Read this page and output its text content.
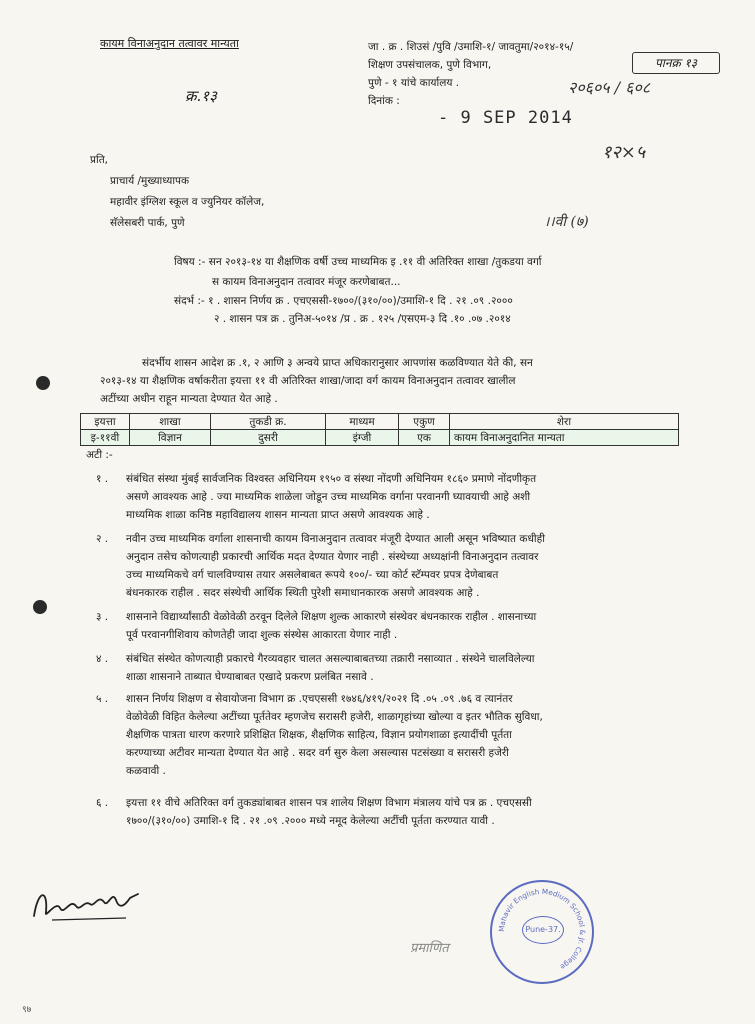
कायम विनाअनुदान तत्वावर मान्यता
क्र.१३
जा . क्र . शिउसं /पुवि /उमाशि-१/ जावतुमा/२०१४-१५/
शिक्षण उपसंचालक, पुणे विभाग,
पुणे - १ यांचे कार्यालय .
दिनांक :
- 9 SEP 2014
पानक्र १३
२०६०५ / ६०८
१२×५
।।वी (७)
प्रति,
प्राचार्य /मुख्याध्यापक
महावीर इंग्लिश स्कूल व ज्युनियर कॉलेज,
सॅलेसबरी पार्क, पुणे
विषय :- सन २०१३-१४ या शैक्षणिक वर्षी उच्च माध्यमिक इ .११ वी अतिरिक्त शाखा /तुकडया वर्गा
स कायम विनाअनुदान तत्वावर मंजूर करणेबाबत...
संदर्भ :- १ . शासन निर्णय क्र . एचएससी-१७००/(३१०/००)/उमाशि-१ दि . २१ .०९ .२०००
२ . शासन पत्र क्र . तुनिअ-५०१४ /प्र . क्र . १२५ /एसएम-३ दि .१० .०७ .२०१४
संदर्भीय शासन आदेश क्र .१, २ आणि ३ अन्वये प्राप्त अधिकारानुसार आपणांस कळविण्यात येते की, सन
२०१३-१४ या शैक्षणिक वर्षाकरीता इयत्ता ११ वी अतिरिक्त शाखा/जादा वर्ग कायम विनाअनुदान तत्वावर खालील
अटींच्या अधीन राहून मान्यता देण्यात येत आहे .
इयत्ता	शाखा	तुकडी क्र.	माध्यम	एकुण	शेरा
इ-११वी	विज्ञान	दुसरी	इंग्जी	एक	कायम विनाअनुदानित मान्यता
अटी :-
१ . संबंधित संस्था मुंबई सार्वजनिक विश्वस्त अधिनियम १९५० व संस्था नोंदणी अधिनियम १८६० प्रमाणे नोंदणीकृत
असणे आवश्यक आहे . ज्या माध्यमिक शाळेला जोडून उच्च माध्यमिक वर्गाना परवानगी घ्यावयाची आहे अशी
माध्यमिक शाळा कनिष्ठ महाविद्यालय शासन मान्यता प्राप्त असणे आवश्यक आहे .
२ . नवीन उच्च माध्यमिक वर्गाला शासनाची कायम विनाअनुदान तत्वावर मंजूरी देण्यात आली असून भविष्यात कधीही
अनुदान तसेच कोणत्याही प्रकारची आर्थिक मदत देण्यात येणार नाही . संस्थेच्या अध्यक्षांनी विनाअनुदान तत्वावर
उच्च माध्यमिकचे वर्ग चालविण्यास तयार असलेबाबत रूपये १००/- च्या कोर्ट स्टॅम्पवर प्रपत्र देणेबाबत
बंधनकारक राहील . सदर संस्थेची आर्थिक स्थिती पुरेशी समाधानकारक असणे आवश्यक आहे .
३ . शासनाने विद्यार्थ्यांसाठी वेळोवेळी ठरवून दिलेले शिक्षण शुल्क आकारणे संस्थेवर बंधनकारक राहील . शासनाच्या
पूर्व परवानगीशिवाय कोणतेही जादा शुल्क संस्थेस आकारता येणार नाही .
४ . संबंधित संस्थेत कोणत्याही प्रकारचे गैरव्यवहार चालत असल्याबाबतच्या तक्रारी नसाव्यात . संस्थेने चालविलेल्या
शाळा शासनाने ताब्यात घेण्याबाबत एखादे प्रकरण प्रलंबित नसावे .
५ . शासन निर्णय शिक्षण व सेवायोजना विभाग क्र .एचएससी १७४६/४१९/२०२१ दि .०५ .०९ .७६ व त्यानंतर
वेळोवेळी विहित केलेल्या अटींच्या पूर्ततेवर म्हणजेच सरासरी हजेरी, शाळागृहांच्या खोल्या व इतर भौतिक सुविधा,
शैक्षणिक पात्रता धारण करणारे प्रशिक्षित शिक्षक, शैक्षणिक साहित्य, विज्ञान प्रयोगशाळा इत्यादींची पूर्तता
करण्याच्या अटीवर मान्यता देण्यात येत आहे . सदर वर्ग सुरु केला असल्यास पटसंख्या व सरासरी हजेरी
कळवावी .
६ . इयत्ता ११ वीचे अतिरिक्त वर्ग तुकड्यांबाबत शासन पत्र शालेय शिक्षण विभाग मंत्रालय यांचे पत्र क्र . एचएससी
१७००/(३१०/००) उमाशि-१ दि . २१ .०९ .२००० मध्ये नमूद केलेल्या अटींची पूर्तता करण्यात यावी .
प्रमाणित
Mahavir English Medium School & Jr. College
Pune-37.
९७
